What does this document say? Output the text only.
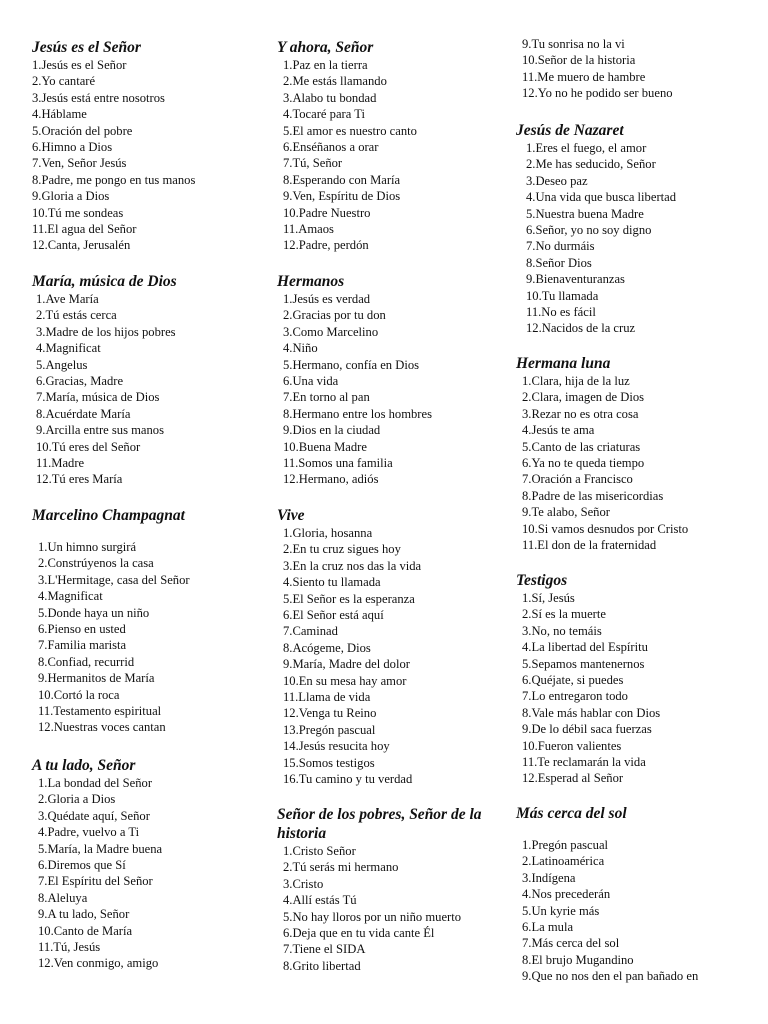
Jesús es el Señor
1.Jesús es el Señor
2.Yo cantaré
3.Jesús está entre nosotros
4.Háblame
5.Oración del pobre
6.Himno a Dios
7.Ven, Señor Jesús
8.Padre, me pongo en tus manos
9.Gloria a Dios
10.Tú me sondeas
11.El agua del Señor
12.Canta, Jerusalén
María, música de Dios
1.Ave María
2.Tú estás cerca
3.Madre de los hijos pobres
4.Magnificat
5.Angelus
6.Gracias, Madre
7.María, música de Dios
8.Acuérdate María
9.Arcilla entre sus manos
10.Tú eres del Señor
11.Madre
12.Tú eres María
Marcelino Champagnat
1.Un himno surgirá
2.Constrúyenos la casa
3.L'Hermitage, casa del Señor
4.Magnificat
5.Donde haya un niño
6.Pienso en usted
7.Familia marista
8.Confiad, recurrid
9.Hermanitos de María
10.Cortó la roca
11.Testamento espiritual
12.Nuestras voces cantan
A tu lado, Señor
1.La bondad del Señor
2.Gloria a Dios
3.Quédate aquí, Señor
4.Padre, vuelvo a Ti
5.María, la Madre buena
6.Diremos que Sí
7.El Espíritu del Señor
8.Aleluya
9.A tu lado, Señor
10.Canto de María
11.Tú, Jesús
12.Ven conmigo, amigo
Y ahora, Señor
1.Paz en la tierra
2.Me estás llamando
3.Alabo tu bondad
4.Tocaré para Ti
5.El amor es nuestro canto
6.Enséñanos a orar
7.Tú, Señor
8.Esperando con María
9.Ven, Espíritu de Dios
10.Padre Nuestro
11.Amaos
12.Padre, perdón
Hermanos
1.Jesús es verdad
2.Gracias por tu don
3.Como Marcelino
4.Niño
5.Hermano, confía en Dios
6.Una vida
7.En torno al pan
8.Hermano entre los hombres
9.Dios en la ciudad
10.Buena Madre
11.Somos una familia
12.Hermano, adiós
Vive
1.Gloria, hosanna
2.En tu cruz sigues hoy
3.En la cruz nos das la vida
4.Siento tu llamada
5.El Señor es la esperanza
6.El Señor está aquí
7.Caminad
8.Acógeme, Dios
9.María, Madre del dolor
10.En su mesa hay amor
11.Llama de vida
12.Venga tu Reino
13.Pregón pascual
14.Jesús resucita hoy
15.Somos testigos
16.Tu camino y tu verdad
Señor de los pobres, Señor de la historia
1.Cristo Señor
2.Tú serás mi hermano
3.Cristo
4.Allí estás Tú
5.No hay lloros por un niño muerto
6.Deja que en tu vida cante Él
7.Tiene el SIDA
8.Grito libertad
9.Tu sonrisa no la vi
10.Señor de la historia
11.Me muero de hambre
12.Yo no he podido ser bueno
Jesús de Nazaret
1.Eres el fuego, el amor
2.Me has seducido, Señor
3.Deseo paz
4.Una vida que busca libertad
5.Nuestra buena Madre
6.Señor, yo no soy digno
7.No durmáis
8.Señor Dios
9.Bienaventuranzas
10.Tu llamada
11.No es fácil
12.Nacidos de la cruz
Hermana luna
1.Clara, hija de la luz
2.Clara, imagen de Dios
3.Rezar no es otra cosa
4.Jesús te ama
5.Canto de las criaturas
6.Ya no te queda tiempo
7.Oración a Francisco
8.Padre de las misericordias
9.Te alabo, Señor
10.Si vamos desnudos por Cristo
11.El don de la fraternidad
Testigos
1.Sí, Jesús
2.Sí es la muerte
3.No, no temáis
4.La libertad del Espíritu
5.Sepamos mantenernos
6.Quéjate, si puedes
7.Lo entregaron todo
8.Vale más hablar con Dios
9.De lo débil saca fuerzas
10.Fueron valientes
11.Te reclamarán la vida
12.Esperad al Señor
Más cerca del sol
1.Pregón pascual
2.Latinoamérica
3.Indígena
4.Nos precederán
5.Un kyrie más
6.La mula
7.Más cerca del sol
8.El brujo Mugandino
9.Que no nos den el pan bañado en
